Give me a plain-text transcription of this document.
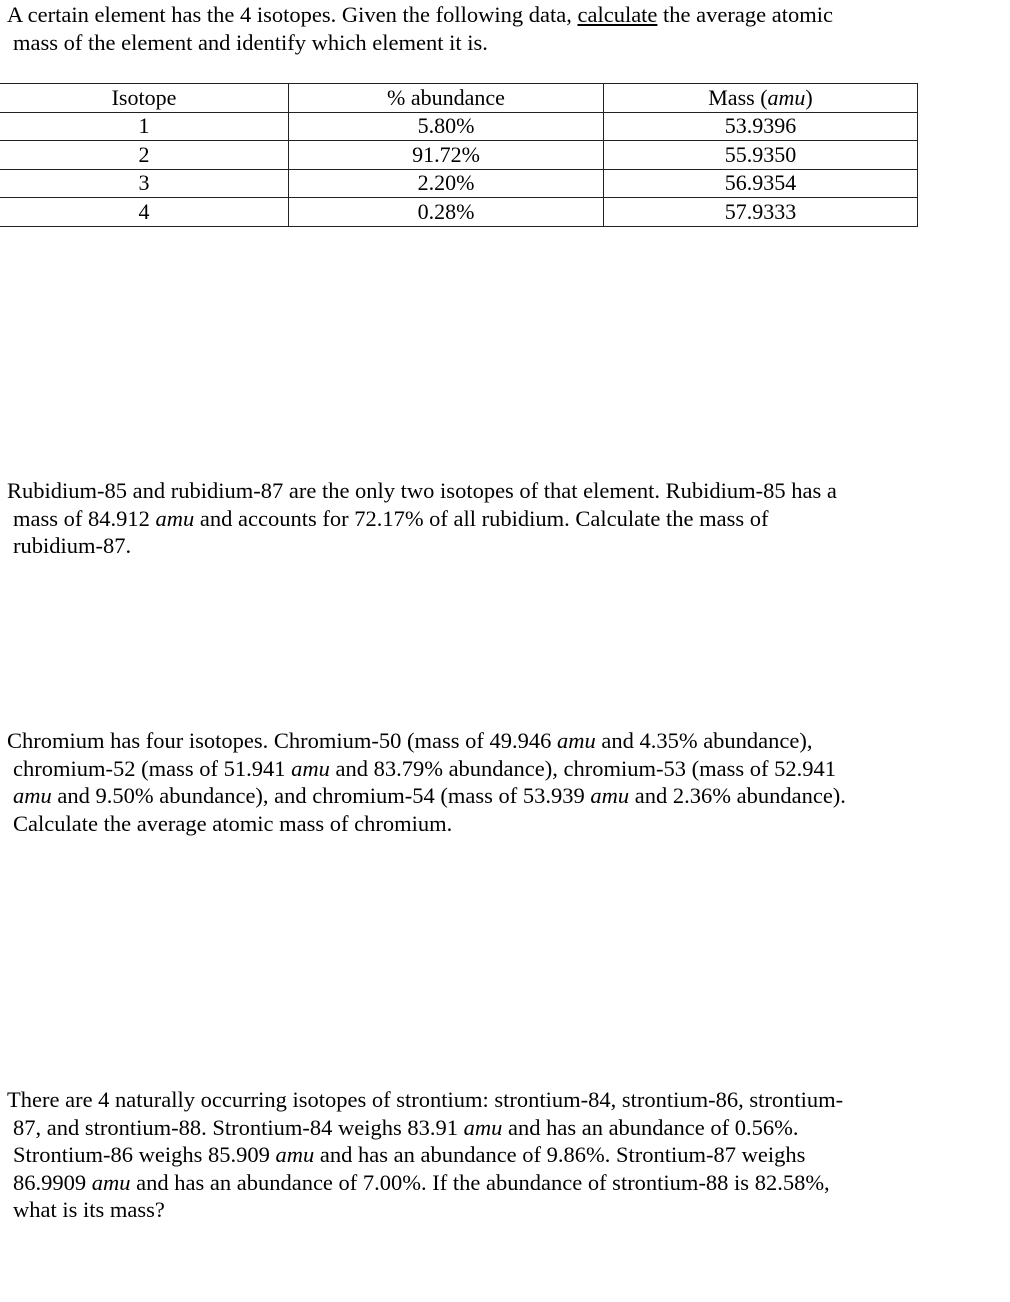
A certain element has the 4 isotopes. Given the following data, calculate the average atomic
mass of the element and identify which element it is.
Isotope	% abundance	Mass (amu)
1	5.80%	53.9396
2	91.72%	55.9350
3	2.20%	56.9354
4	0.28%	57.9333
Rubidium-85 and rubidium-87 are the only two isotopes of that element. Rubidium-85 has a
mass of 84.912 amu and accounts for 72.17% of all rubidium. Calculate the mass of
rubidium-87.
Chromium has four isotopes. Chromium-50 (mass of 49.946 amu and 4.35% abundance),
chromium-52 (mass of 51.941 amu and 83.79% abundance), chromium-53 (mass of 52.941
amu and 9.50% abundance), and chromium-54 (mass of 53.939 amu and 2.36% abundance).
Calculate the average atomic mass of chromium.
There are 4 naturally occurring isotopes of strontium: strontium-84, strontium-86, strontium-
87, and strontium-88. Strontium-84 weighs 83.91 amu and has an abundance of 0.56%.
Strontium-86 weighs 85.909 amu and has an abundance of 9.86%. Strontium-87 weighs
86.9909 amu and has an abundance of 7.00%. If the abundance of strontium-88 is 82.58%,
what is its mass?
